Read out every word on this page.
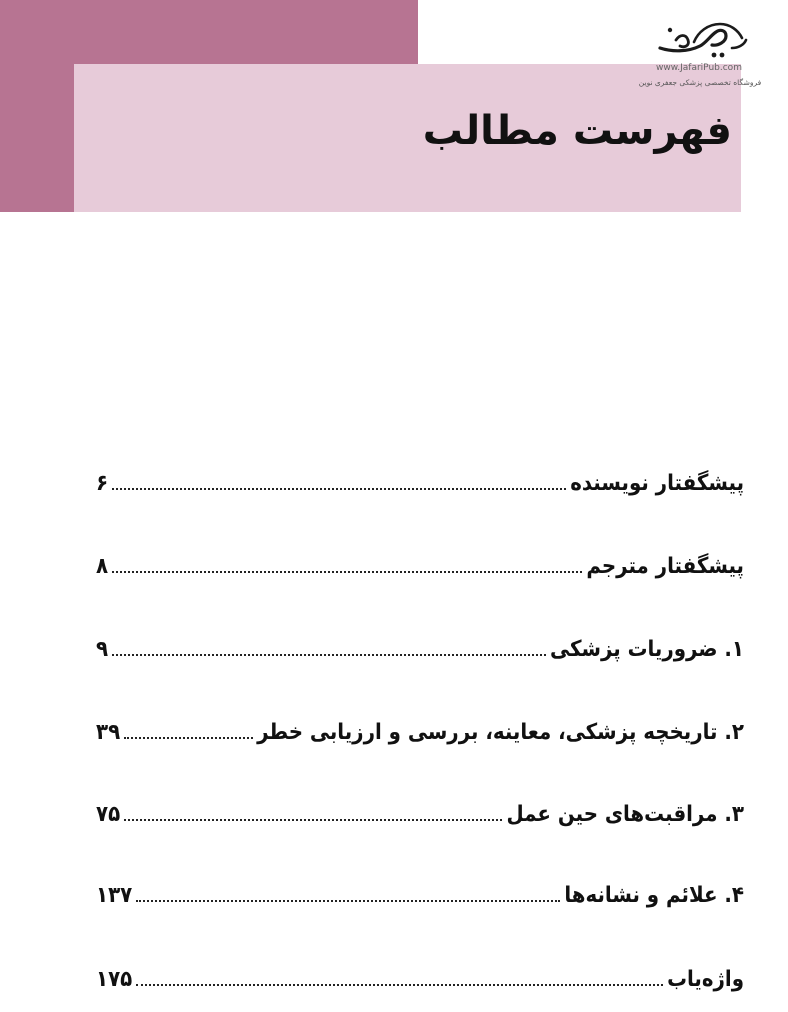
فهرست مطالب
www.JafariPub.com
فروشگاه تخصصی پزشکی جعفری نوین
پیشگفتار نویسنده
۶
پیشگفتار مترجم
۸
۱. ضروریات پزشکی
۹
۲. تاریخچه پزشکی، معاینه، بررسی و ارزیابی خطر
۳۹
۳. مراقبت‌های حین عمل
۷۵
۴. علائم و نشانه‌ها
۱۳۷
واژه‌یاب
۱۷۵
